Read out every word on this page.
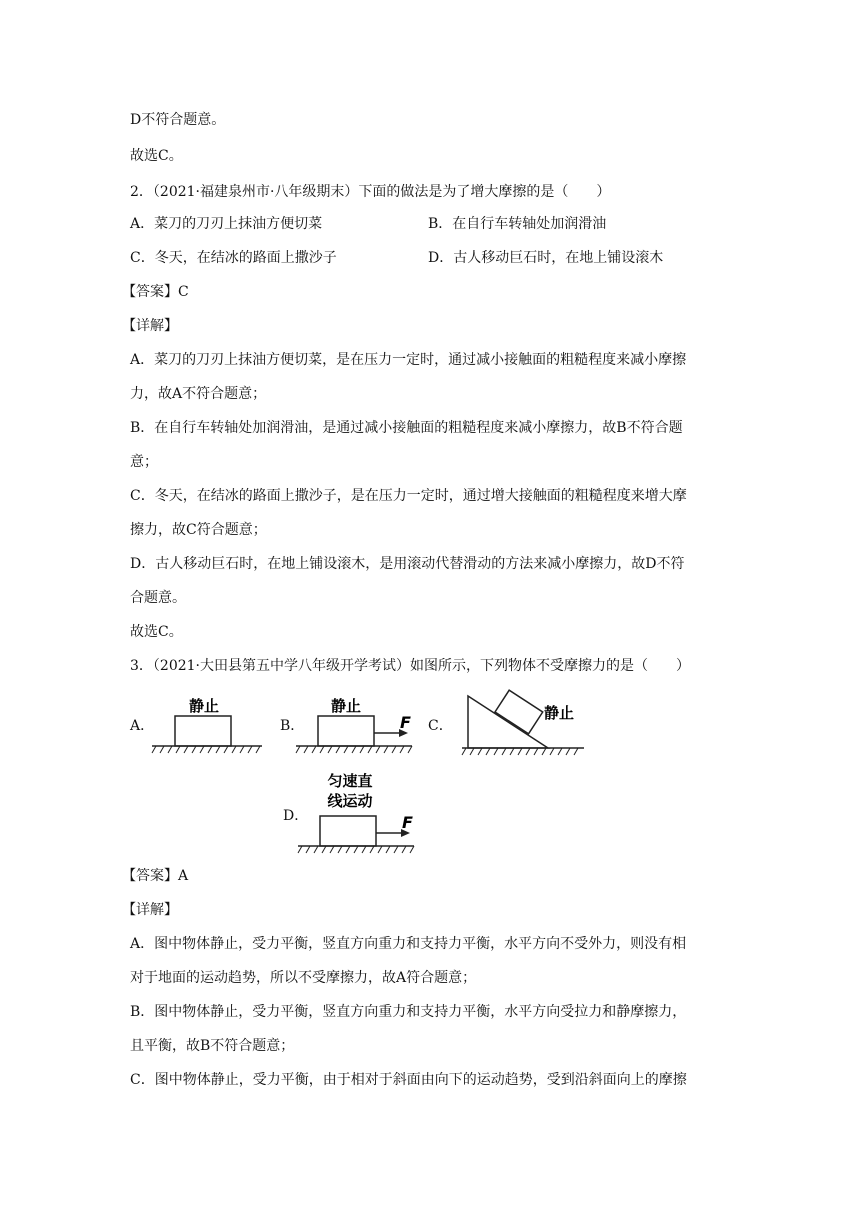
D不符合题意。
故选C。
2．（2021·福建泉州市·八年级期末）下面的做法是为了增大摩擦的是（　　）
A．菜刀的刀刃上抹油方便切菜	B．在自行车转轴处加润滑油
C．冬天，在结冰的路面上撒沙子	D．古人移动巨石时，在地上铺设滚木
【答案】C
【详解】
A．菜刀的刀刃上抹油方便切菜，是在压力一定时，通过减小接触面的粗糙程度来减小摩擦
力，故A不符合题意；
B．在自行车转轴处加润滑油，是通过减小接触面的粗糙程度来减小摩擦力，故B不符合题
意；
C．冬天，在结冰的路面上撒沙子，是在压力一定时，通过增大接触面的粗糙程度来增大摩
擦力，故C符合题意；
D．古人移动巨石时，在地上铺设滚木，是用滚动代替滑动的方法来减小摩擦力，故D不符
合题意。
故选C。
3．（2021·大田县第五中学八年级开学考试）如图所示，下列物体不受摩擦力的是（　　）
A．
静止
B．
静止
F C．
静止
D．
匀速直
线运动
F
【答案】A
【详解】
A．图中物体静止，受力平衡，竖直方向重力和支持力平衡，水平方向不受外力，则没有相
对于地面的运动趋势，所以不受摩擦力，故A符合题意；
B．图中物体静止，受力平衡，竖直方向重力和支持力平衡，水平方向受拉力和静摩擦力，
且平衡，故B不符合题意；
C．图中物体静止，受力平衡，由于相对于斜面由向下的运动趋势，受到沿斜面向上的摩擦
